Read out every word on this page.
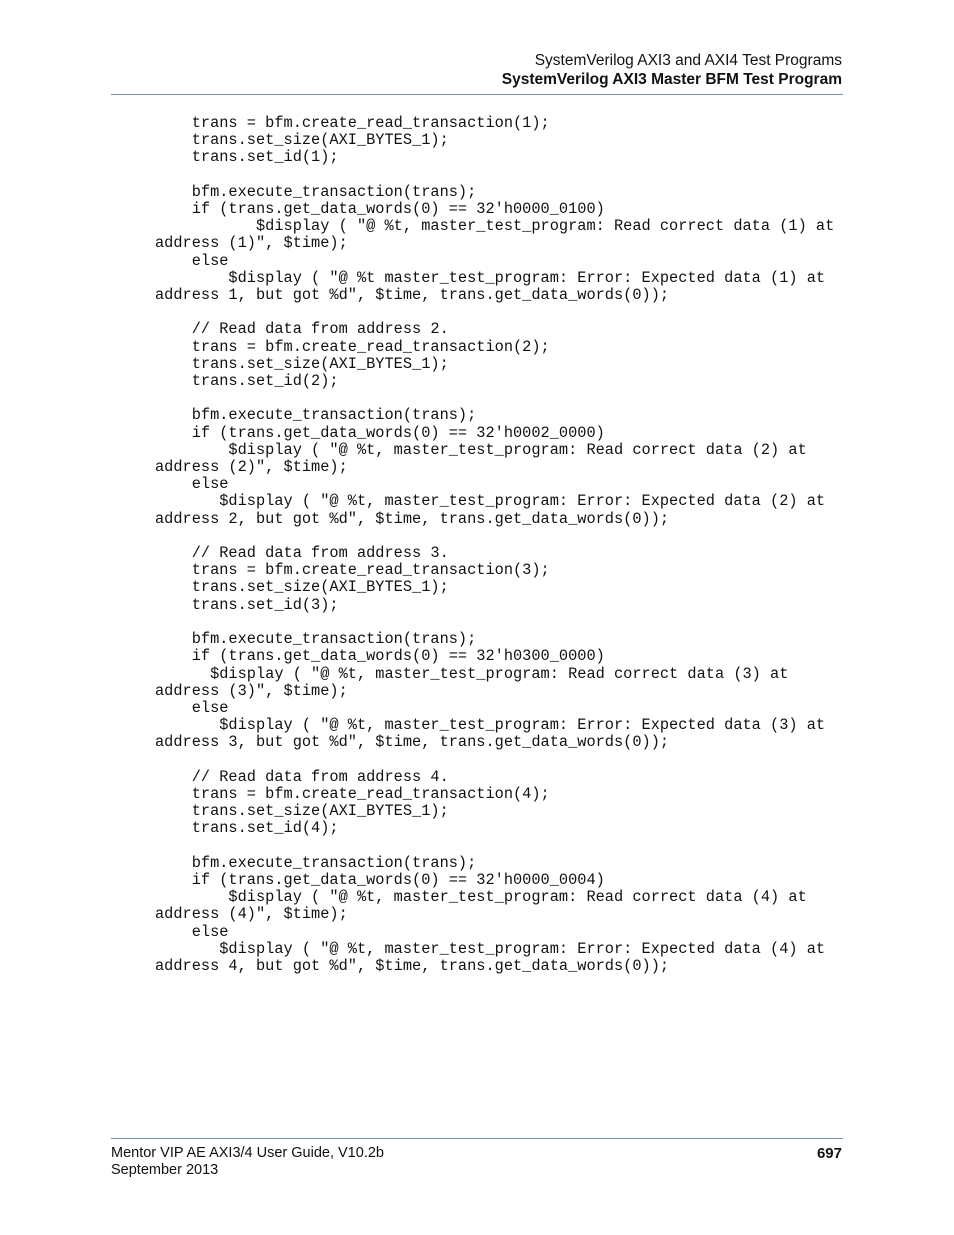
SystemVerilog AXI3 and AXI4 Test Programs
SystemVerilog AXI3 Master BFM Test Program
trans = bfm.create_read_transaction(1);
trans.set_size(AXI_BYTES_1);
trans.set_id(1);

bfm.execute_transaction(trans);
if (trans.get_data_words(0) == 32'h0000_0100)
$display ( "@ %t, master_test_program: Read correct data (1) at
address (1)", $time);
else
$display ( "@ %t master_test_program: Error: Expected data (1) at
address 1, but got %d", $time, trans.get_data_words(0));

// Read data from address 2.
trans = bfm.create_read_transaction(2);
trans.set_size(AXI_BYTES_1);
trans.set_id(2);

bfm.execute_transaction(trans);
if (trans.get_data_words(0) == 32'h0002_0000)
$display ( "@ %t, master_test_program: Read correct data (2) at
address (2)", $time);
else
$display ( "@ %t, master_test_program: Error: Expected data (2) at
address 2, but got %d", $time, trans.get_data_words(0));

// Read data from address 3.
trans = bfm.create_read_transaction(3);
trans.set_size(AXI_BYTES_1);
trans.set_id(3);

bfm.execute_transaction(trans);
if (trans.get_data_words(0) == 32'h0300_0000)
$display ( "@ %t, master_test_program: Read correct data (3) at
address (3)", $time);
else
$display ( "@ %t, master_test_program: Error: Expected data (3) at
address 3, but got %d", $time, trans.get_data_words(0));

// Read data from address 4.
trans = bfm.create_read_transaction(4);
trans.set_size(AXI_BYTES_1);
trans.set_id(4);

bfm.execute_transaction(trans);
if (trans.get_data_words(0) == 32'h0000_0004)
$display ( "@ %t, master_test_program: Read correct data (4) at
address (4)", $time);
else
$display ( "@ %t, master_test_program: Error: Expected data (4) at
address 4, but got %d", $time, trans.get_data_words(0));

Mentor VIP AE AXI3/4 User Guide, V10.2b
September 2013
697
